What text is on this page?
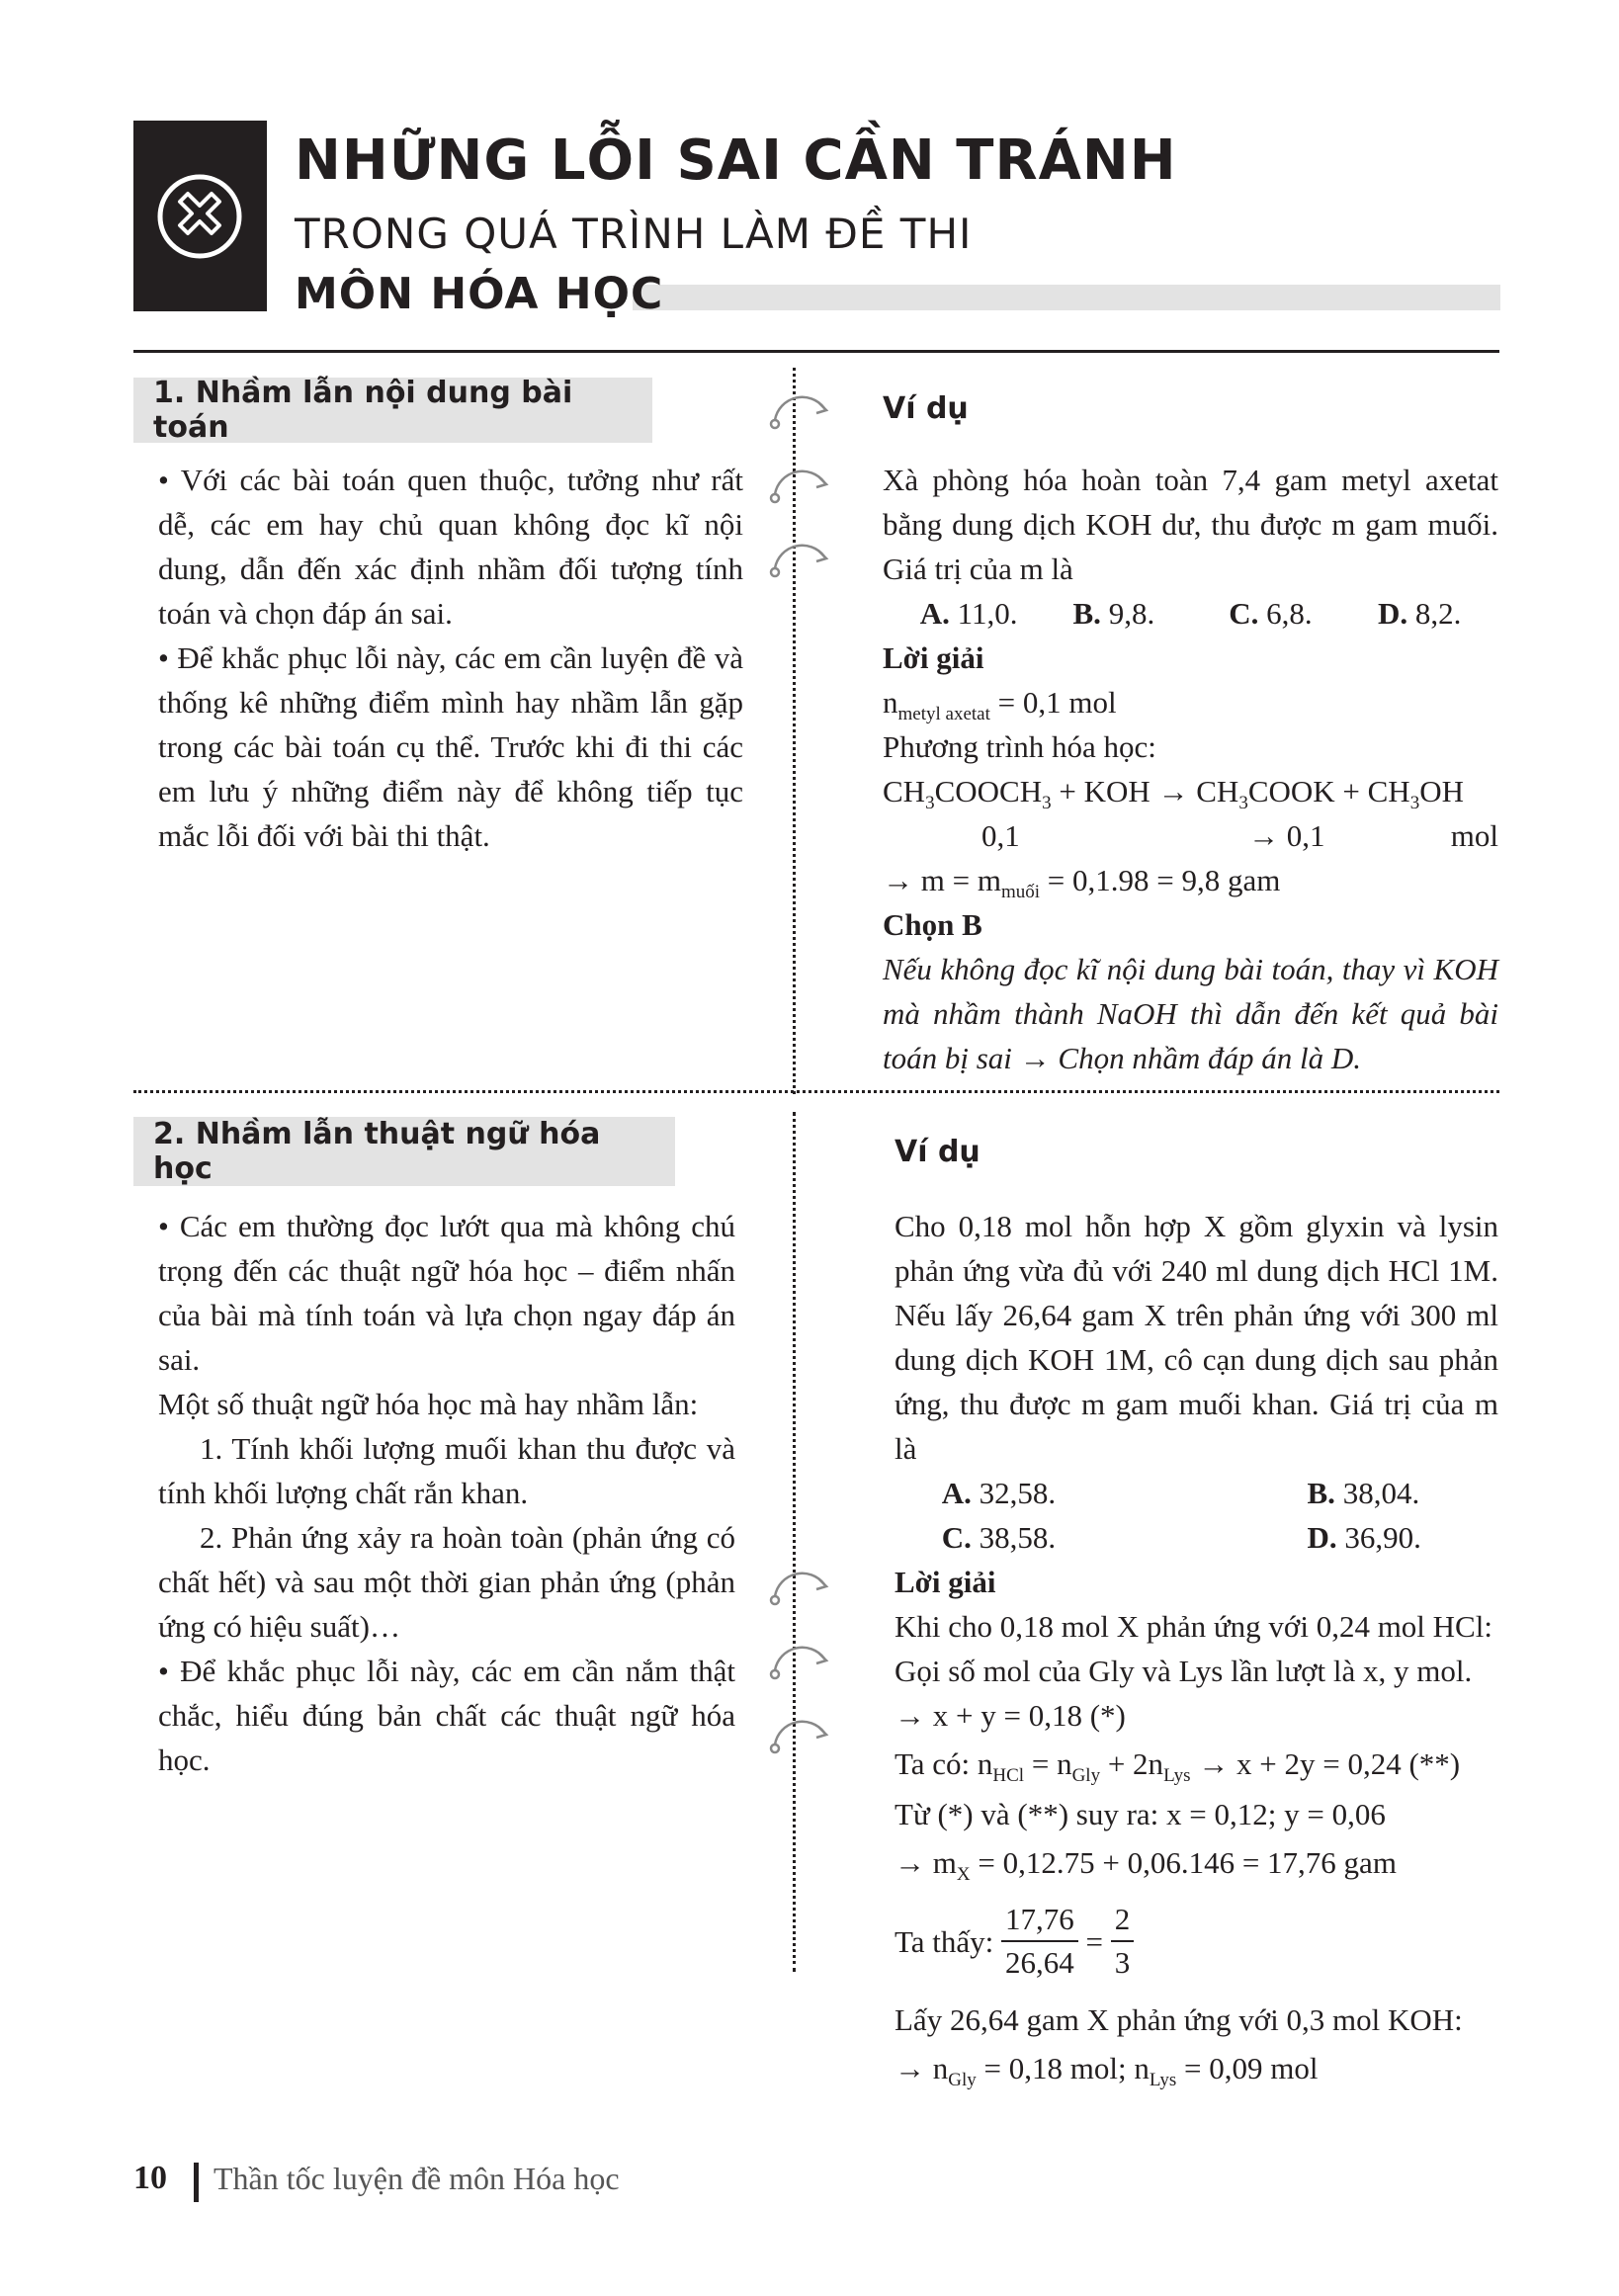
NHỮNG LỖI SAI CẦN TRÁNH
TRONG QUÁ TRÌNH LÀM ĐỀ THI
MÔN HÓA HỌC
1. Nhầm lẫn nội dung bài toán

• Với các bài toán quen thuộc, tưởng như rất dễ, các em hay chủ quan không đọc kĩ nội dung, dẫn đến xác định nhầm đối tượng tính toán và chọn đáp án sai.

• Để khắc phục lỗi này, các em cần luyện đề và thống kê những điểm mình hay nhầm lẫn gặp trong các bài toán cụ thể. Trước khi đi thi các em lưu ý những điểm này để không tiếp tục mắc lỗi đối với bài thi thật.

Ví dụ
Xà phòng hóa hoàn toàn 7,4 gam metyl axetat bằng dung dịch KOH dư, thu được m gam muối. Giá trị của m là
A. 11,0. B. 9,8. C. 6,8. D. 8,2.
Lời giải
$n_{metyl axetat} = 0,1$ mol
Phương trình hóa học:
$CH_3COOCH_3$ + KOH → $CH_3COOK + CH_3OH$
0,1	→ 0,1	mol
→ $m = m_{muối} = 0,1.98 = 9,8$ gam
Chọn B
Nếu không đọc kĩ nội dung bài toán, thay vì KOH mà nhầm thành NaOH thì dẫn đến kết quả bài toán bị sai → Chọn nhầm đáp án là D.
2. Nhầm lẫn thuật ngữ hóa học

• Các em thường đọc lướt qua mà không chú trọng đến các thuật ngữ hóa học – điểm nhấn của bài mà tính toán và lựa chọn ngay đáp án sai.

Một số thuật ngữ hóa học mà hay nhầm lẫn:

1. Tính khối lượng muối khan thu được và tính khối lượng chất rắn khan.

2. Phản ứng xảy ra hoàn toàn (phản ứng có chất hết) và sau một thời gian phản ứng (phản ứng có hiệu suất)…

• Để khắc phục lỗi này, các em cần nắm thật chắc, hiểu đúng bản chất các thuật ngữ hóa học.

Ví dụ
Cho 0,18 mol hỗn hợp X gồm glyxin và lysin phản ứng vừa đủ với 240 ml dung dịch HCl 1M. Nếu lấy 26,64 gam X trên phản ứng với 300 ml dung dịch KOH 1M, cô cạn dung dịch sau phản ứng, thu được m gam muối khan. Giá trị của m là
A. 32,58.	B. 38,04.
C. 38,58.	D. 36,90.
Lời giải
Khi cho 0,18 mol X phản ứng với 0,24 mol HCl:
Gọi số mol của Gly và Lys lần lượt là x, y mol.
→ x + y = 0,18 (*)
Ta có: $n_{HCl} = n_{Gly} + 2n_{Lys} \to x + 2y = 0,24$ (**)
Từ (*) và (**) suy ra: x = 0,12; y = 0,06
→ $m_X = 0,12.75 + 0,06.146 = 17,76$ gam
Ta thấy:
$\frac{17,76}{26,64} = \frac{2}{3}$
Lấy 26,64 gam X phản ứng với 0,3 mol KOH:
→ $n_{Gly} = 0,18$ mol; $n_{Lys} = 0,09$ mol
10 Thần tốc luyện đề môn Hóa học
